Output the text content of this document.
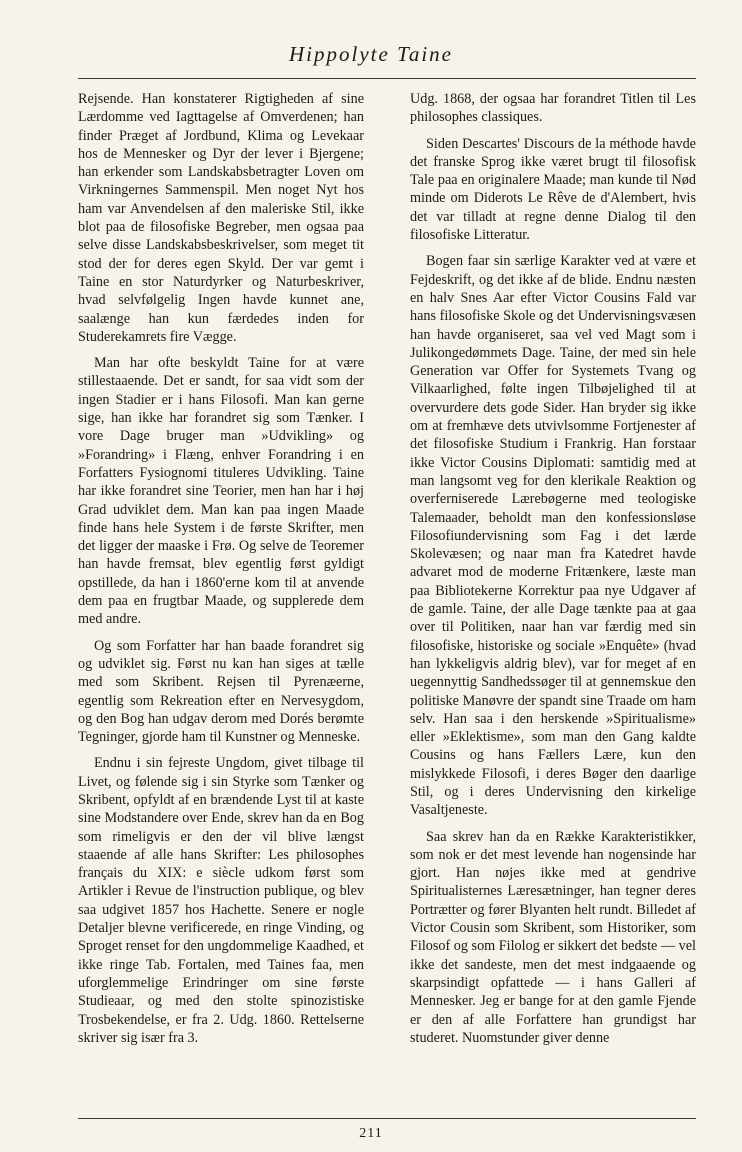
Hippolyte Taine

Rejsende. Han konstaterer Rigtigheden af sine Lærdomme ved Iagttagelse af Omverdenen; han finder Præget af Jordbund, Klima og Levekaar hos de Mennesker og Dyr der lever i Bjergene; han erkender som Landskabsbetragter Loven om Virkningernes Sammenspil. Men noget Nyt hos ham var Anvendelsen af den maleriske Stil, ikke blot paa de filosofiske Begreber, men ogsaa paa selve disse Landskabsbeskrivelser, som meget tit stod der for deres egen Skyld. Der var gemt i Taine en stor Naturdyrker og Naturbeskriver, hvad selvfølgelig Ingen havde kunnet ane, saalænge han kun færdedes inden for Studerekamrets fire Vægge.

Man har ofte beskyldt Taine for at være stillestaaende. Det er sandt, for saa vidt som der ingen Stadier er i hans Filosofi. Man kan gerne sige, han ikke har forandret sig som Tænker. I vore Dage bruger man »Udvikling» og »Forandring» i Flæng, enhver Forandring i en Forfatters Fysiognomi tituleres Udvikling. Taine har ikke forandret sine Teorier, men han har i høj Grad udviklet dem. Man kan paa ingen Maade finde hans hele System i de første Skrifter, men det ligger der maaske i Frø. Og selve de Teoremer han havde fremsat, blev egentlig først gyldigt opstillede, da han i 1860'erne kom til at anvende dem paa en frugtbar Maade, og supplerede dem med andre.

Og som Forfatter har han baade forandret sig og udviklet sig. Først nu kan han siges at tælle med som Skribent. Rejsen til Pyrenæerne, egentlig som Rekreation efter en Nervesygdom, og den Bog han udgav derom med Dorés berømte Tegninger, gjorde ham til Kunstner og Menneske.

Endnu i sin fejreste Ungdom, givet tilbage til Livet, og følende sig i sin Styrke som Tænker og Skribent, opfyldt af en brændende Lyst til at kaste sine Modstandere over Ende, skrev han da en Bog som rimeligvis er den der vil blive længst staaende af alle hans Skrifter: Les philosophes français du XIX: e siècle udkom først som Artikler i Revue de l'instruction publique, og blev saa udgivet 1857 hos Hachette. Senere er nogle Detaljer blevne verificerede, en ringe Vinding, og Sproget renset for den ungdommelige Kaadhed, et ikke ringe Tab. Fortalen, med Taines faa, men uforglemmelige Erindringer om sine første Studieaar, og med den stolte spinozistiske Trosbekendelse, er fra 2. Udg. 1860. Rettelserne skriver sig især fra 3.

Udg. 1868, der ogsaa har forandret Titlen til Les philosophes classiques.

Siden Descartes' Discours de la méthode havde det franske Sprog ikke været brugt til filosofisk Tale paa en originalere Maade; man kunde til Nød minde om Diderots Le Rêve de d'Alembert, hvis det var tilladt at regne denne Dialog til den filosofiske Litteratur.

Bogen faar sin særlige Karakter ved at være et Fejdeskrift, og det ikke af de blide. Endnu næsten en halv Snes Aar efter Victor Cousins Fald var hans filosofiske Skole og det Undervisningsvæsen han havde organiseret, saa vel ved Magt som i Julikongedømmets Dage. Taine, der med sin hele Generation var Offer for Systemets Tvang og Vilkaarlighed, følte ingen Tilbøjelighed til at overvurdere dets gode Sider. Han bryder sig ikke om at fremhæve dets utvivlsomme Fortjenester af det filosofiske Studium i Frankrig. Han forstaar ikke Victor Cousins Diplomati: samtidig med at man langsomt veg for den klerikale Reaktion og overferniserede Lærebøgerne med teologiske Talemaader, beholdt man den konfessionsløse Filosofiundervisning som Fag i det lærde Skolevæsen; og naar man fra Katedret havde advaret mod de moderne Fritænkere, læste man paa Bibliotekerne Korrektur paa nye Udgaver af de gamle. Taine, der alle Dage tænkte paa at gaa over til Politiken, naar han var færdig med sin filosofiske, historiske og sociale »Enquête» (hvad han lykkeligvis aldrig blev), var for meget af en uegennyttig Sandhedssøger til at gennemskue den politiske Manøvre der spandt sine Traade om ham selv. Han saa i den herskende »Spiritualisme» eller »Eklektisme», som man den Gang kaldte Cousins og hans Fællers Lære, kun den mislykkede Filosofi, i deres Bøger den daarlige Stil, og i deres Undervisning den kirkelige Vasaltjeneste.

Saa skrev han da en Række Karakteristikker, som nok er det mest levende han nogensinde har gjort. Han nøjes ikke med at gendrive Spiritualisternes Læresætninger, han tegner deres Portrætter og fører Blyanten helt rundt. Billedet af Victor Cousin som Skribent, som Historiker, som Filosof og som Filolog er sikkert det bedste — vel ikke det sandeste, men det mest indgaaende og skarpsindigt opfattede — i hans Galleri af Mennesker. Jeg er bange for at den gamle Fjende er den af alle Forfattere han grundigst har studeret. Nuomstunder giver denne

211
